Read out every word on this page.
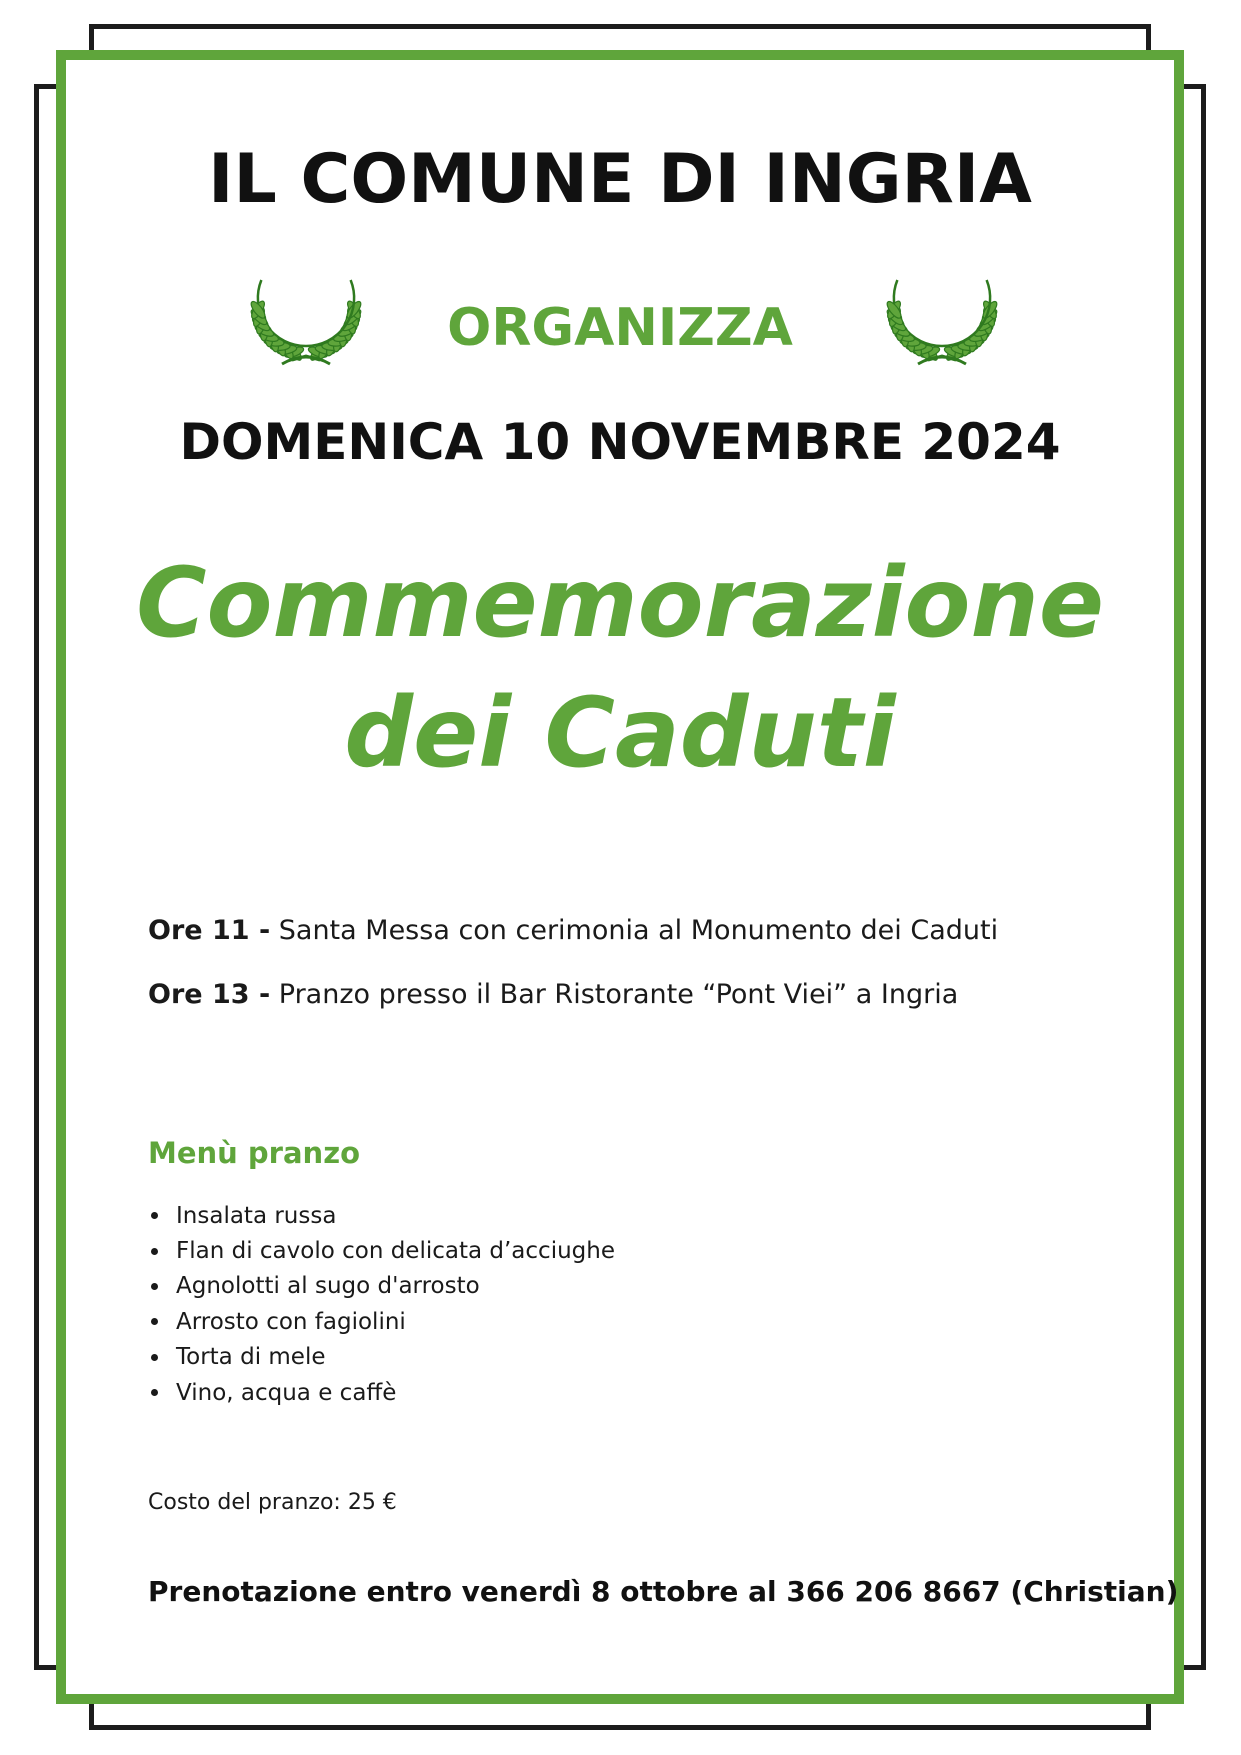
IL COMUNE DI INGRIA
ORGANIZZA
DOMENICA 10 NOVEMBRE 2024
Commemorazione
dei Caduti
Ore 11 - Santa Messa con cerimonia al Monumento dei Caduti
Ore 13 - Pranzo presso il Bar Ristorante “Pont Viei” a Ingria
Menù pranzo
Insalata russa
Flan di cavolo con delicata d’acciughe
Agnolotti al sugo d'arrosto
Arrosto con fagiolini
Torta di mele
Vino, acqua e caffè
Costo del pranzo: 25 €
Prenotazione entro venerdì 8 ottobre al 366 206 8667 (Christian)
